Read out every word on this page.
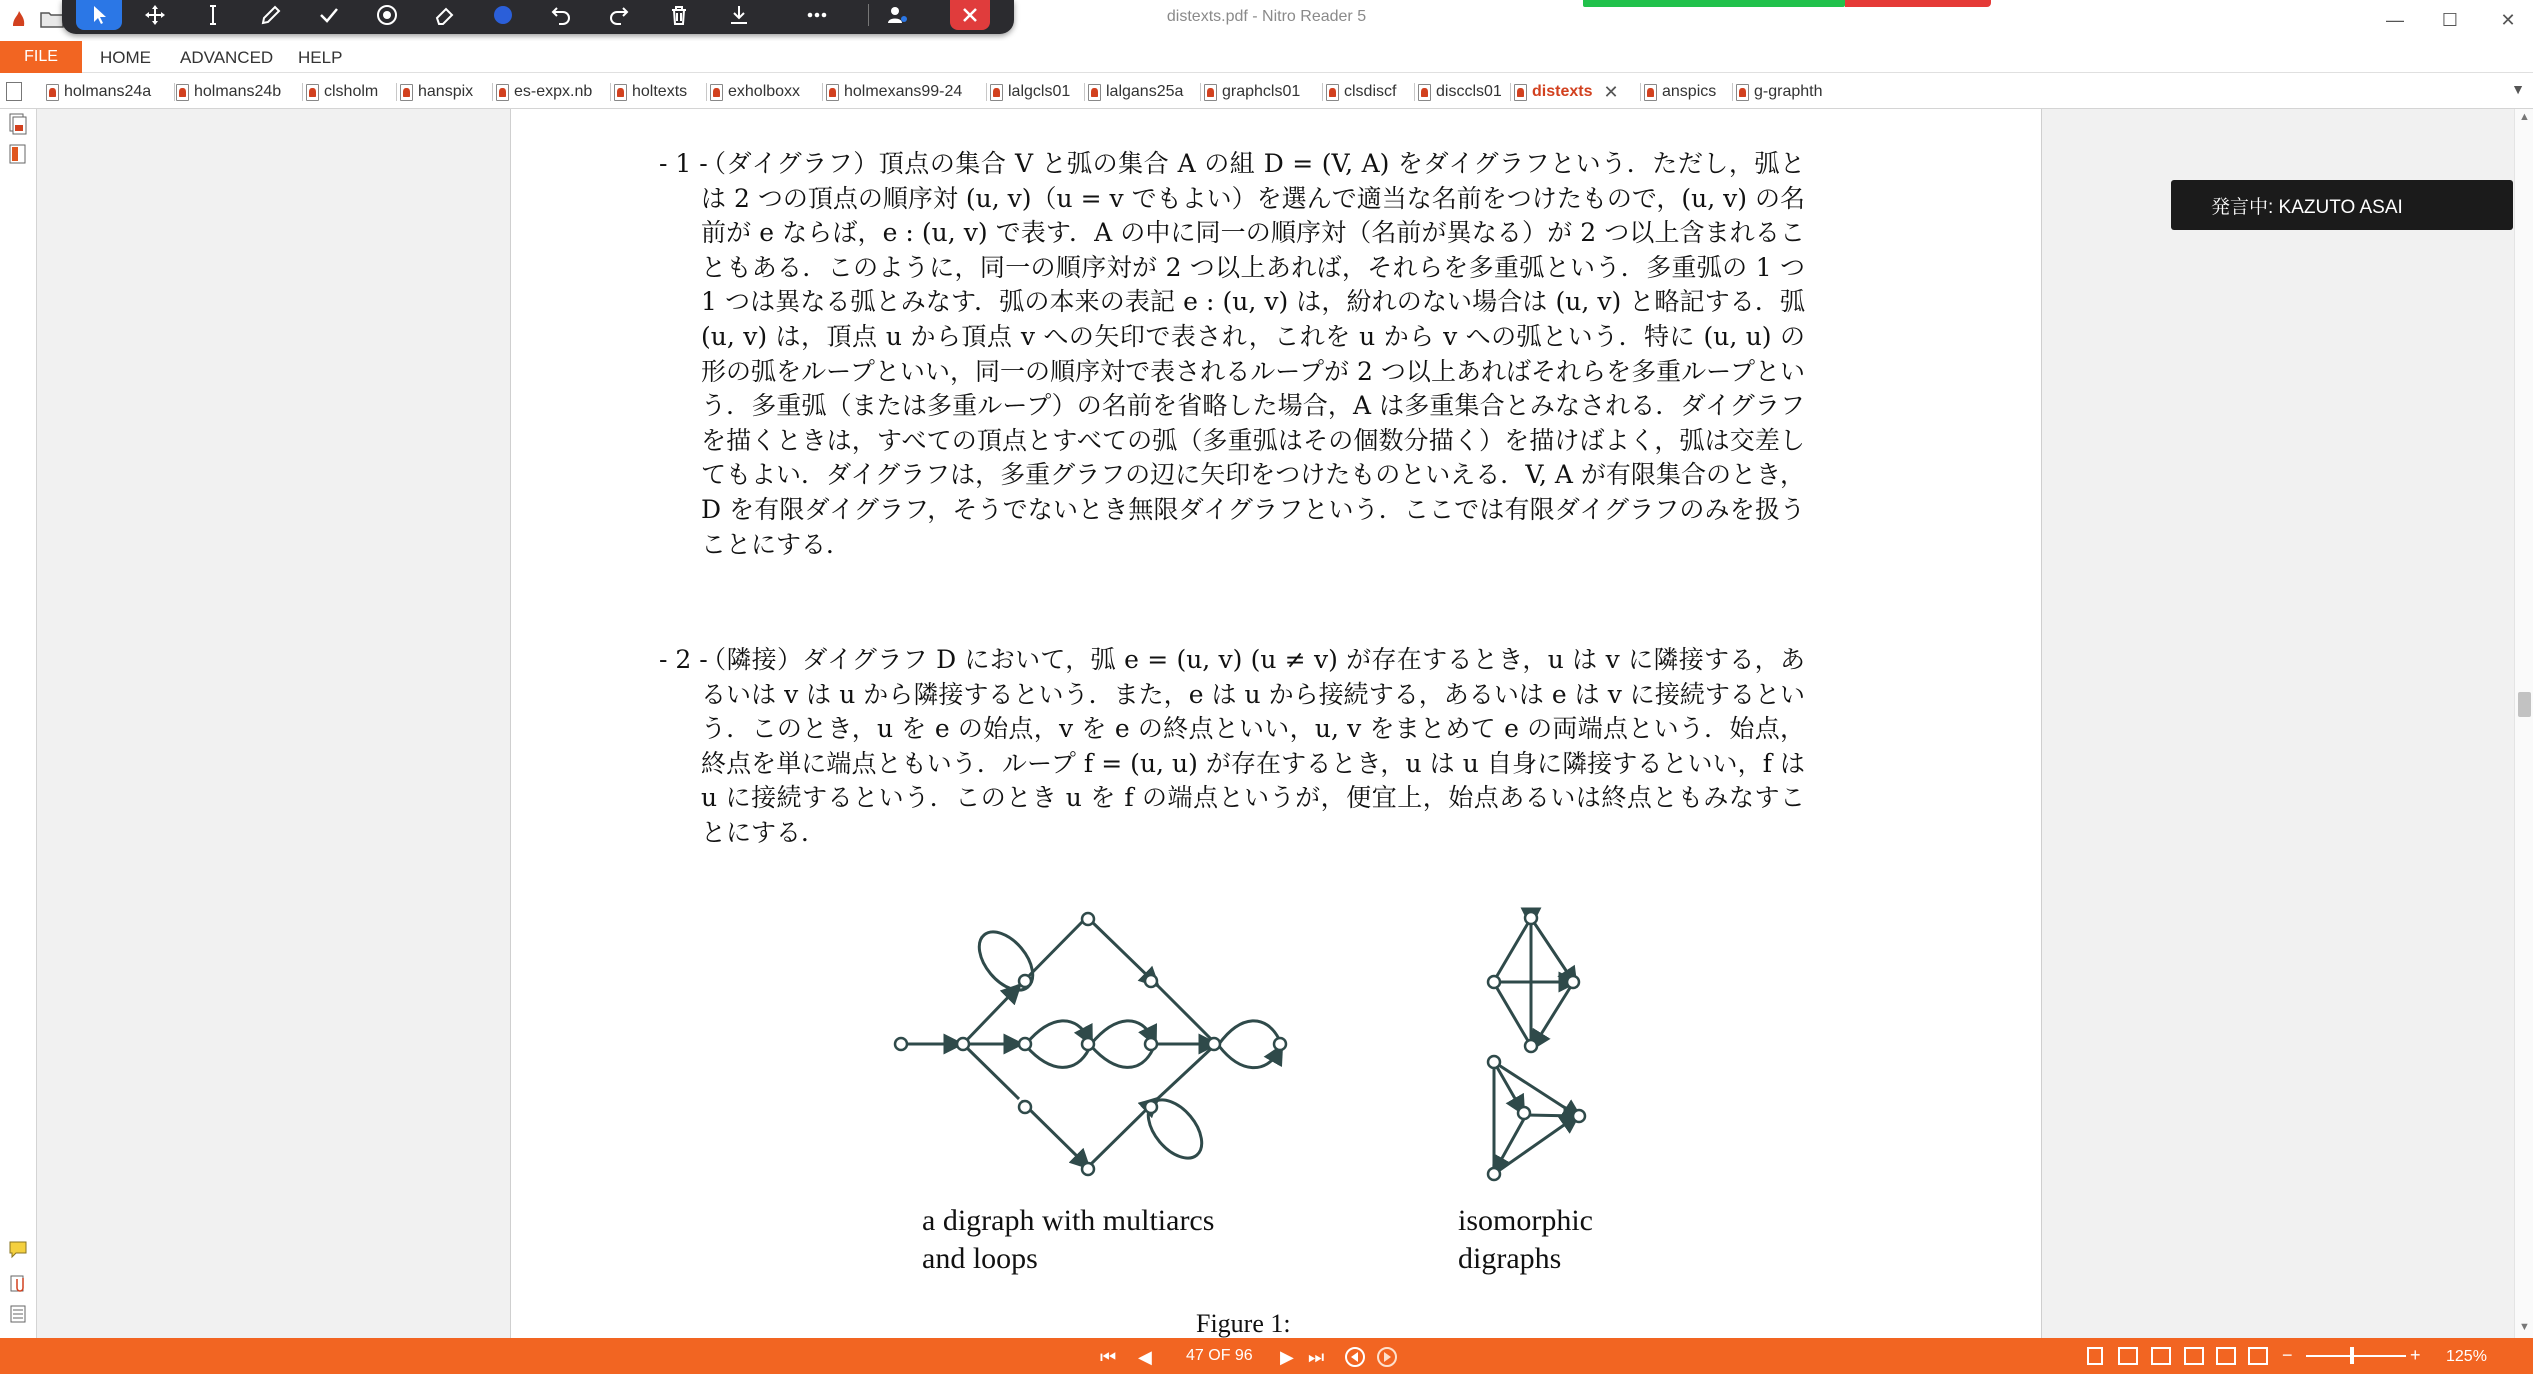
distexts.pdf - Nitro Reader 5	—	☐	✕
FILE	HOME ADVANCED HELP
holmans24a	holmans24b	clsholm hanspix	es-expx.nb holtexts	exholboxx	holmexans99-24	lalgcls01 lalgans25a graphcls01	clsdiscf disccls01 distexts ✕	anspics g-graphth	▼
- 1 -
（ダイグラフ）頂点の集合 V と弧の集合 A の組 D = (V, A) をダイグラフという．ただし，弧とは 2 つの頂点の順序対 (u, v)（u = v でもよい）を選んで適当な名前をつけたもので，(u, v) の名前が e ならば，e : (u, v) で表す．A の中に同一の順序対（名前が異なる）が 2 つ以上含まれることもある．このように，同一の順序対が 2 つ以上あれば，それらを多重弧という．多重弧の 1 つ 1 つは異なる弧とみなす．弧の本来の表記 e : (u, v) は，紛れのない場合は (u, v) と略記する．弧 (u, v) は，頂点 u から頂点 v への矢印で表され，これを u から v への弧という．特に (u, u) の形の弧をループといい，同一の順序対で表されるループが 2 つ以上あればそれらを多重ループという．多重弧（または多重ループ）の名前を省略した場合，A は多重集合とみなされる．ダイグラフを描くときは，すべての頂点とすべての弧（多重弧はその個数分描く）を描けばよく，弧は交差してもよい．ダイグラフは，多重グラフの辺に矢印をつけたものといえる．V, A が有限集合のとき，D を有限ダイグラフ，そうでないとき無限ダイグラフという．ここでは有限ダイグラフのみを扱うことにする．
- 2 -
（隣接）ダイグラフ D において，弧 e = (u, v) (u ≠ v) が存在するとき，u は v に隣接する，あるいは v は u から隣接するという．また，e は u から接続する，あるいは e は v に接続するという．このとき，u を e の始点，v を e の終点といい，u, v をまとめて e の両端点という．始点，終点を単に端点ともいう．ループ f = (u, u) が存在するとき，u は u 自身に隣接するといい，f は u に接続するという．このとき u を f の端点というが，便宜上，始点あるいは終点ともみなすことにする．
a digraph with multiarcs
and loops
isomorphic
digraphs
Figure 1:
発言中: KAZUTO ASAI
▲
▼
⏮ ◀ 47 OF 96 ▶ ⏭	−	+ 125%
